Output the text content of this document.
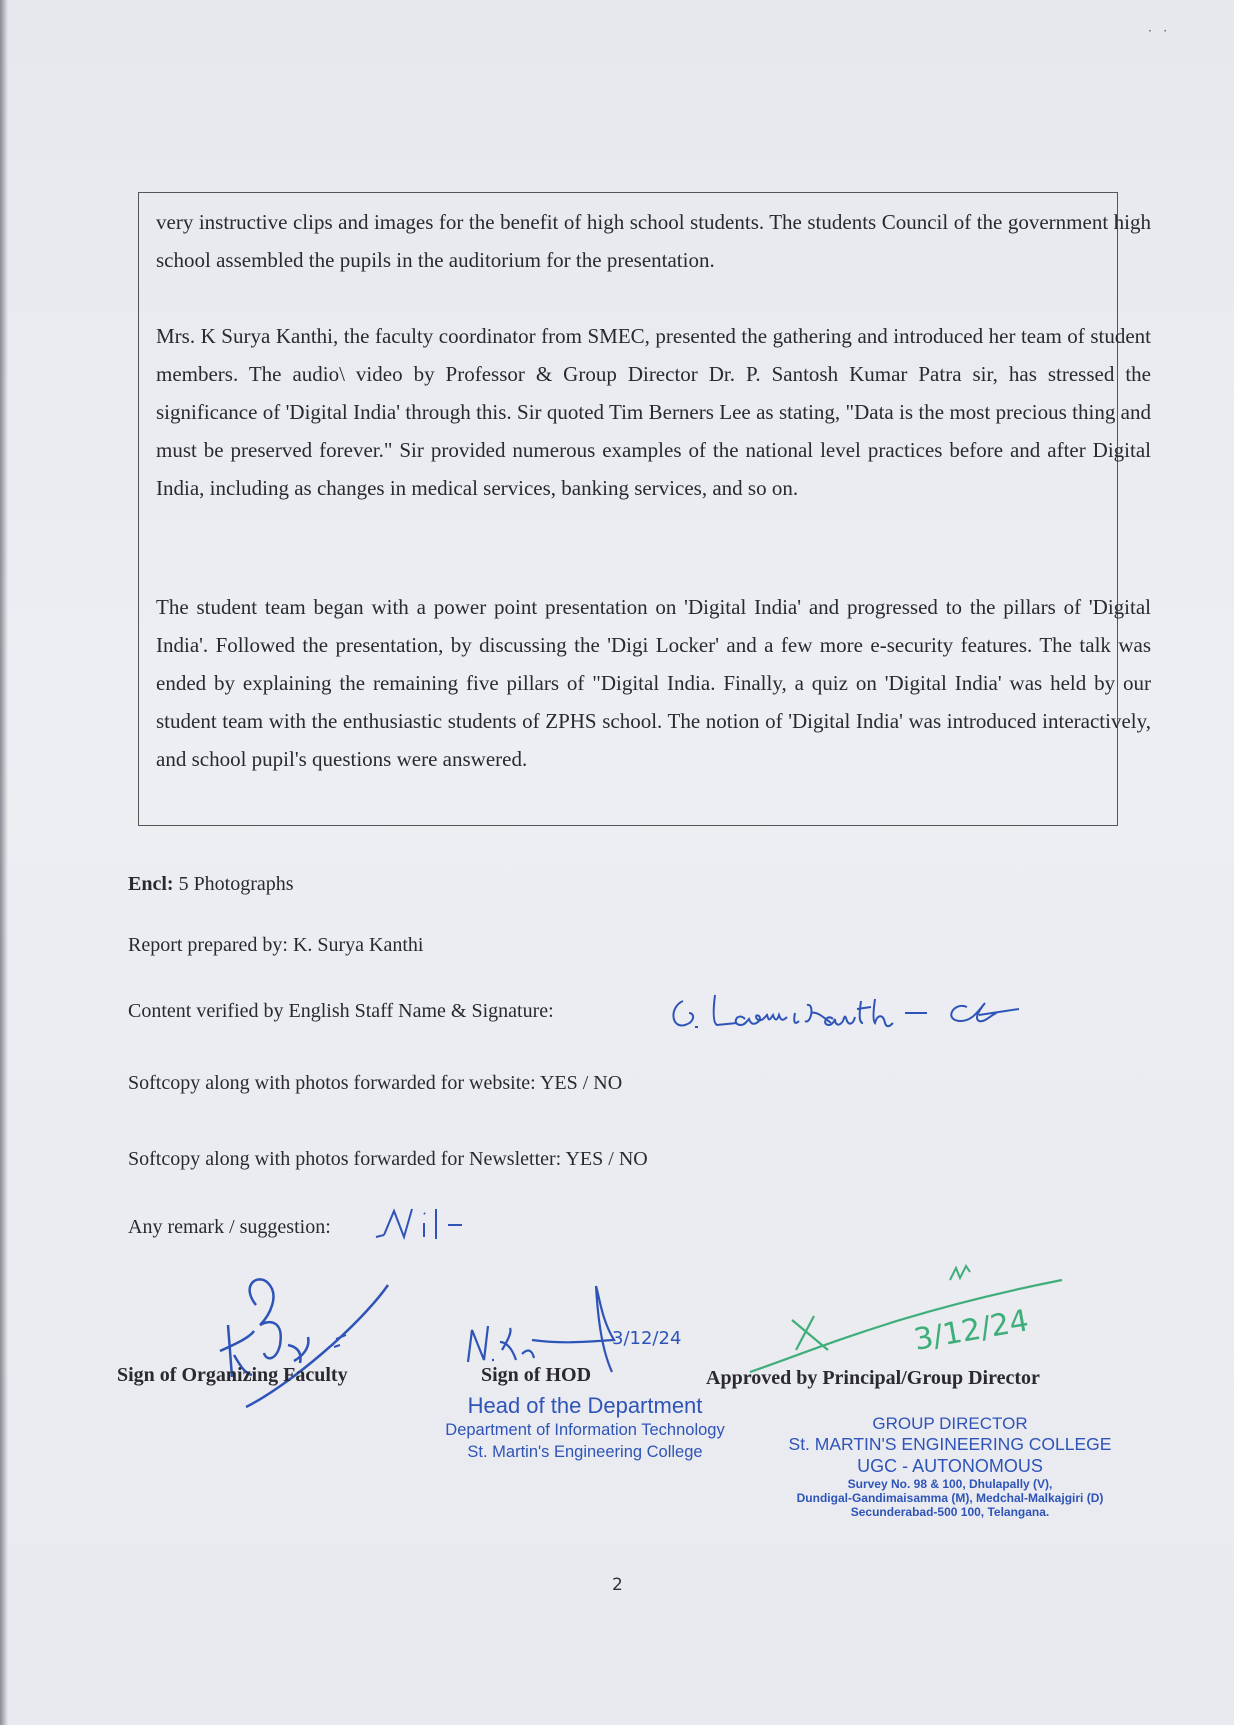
·   ·

very instructive clips and images for the benefit of high school students. The students Council of the government high school assembled the pupils in the auditorium for the presentation.

Mrs. K Surya Kanthi, the faculty coordinator from SMEC, presented the gathering and introduced her team of student members. The audio\ video by Professor & Group Director Dr. P. Santosh Kumar Patra sir, has stressed the significance of 'Digital India' through this. Sir quoted Tim Berners Lee as stating, "Data is the most precious thing and must be preserved forever." Sir provided numerous examples of the national level practices before and after Digital India, including as changes in medical services, banking services, and so on.

The student team began with a power point presentation on 'Digital India' and progressed to the pillars of 'Digital India'. Followed the presentation, by discussing the 'Digi Locker' and a few more e-security features. The talk was ended by explaining the remaining five pillars of "Digital India. Finally, a quiz on 'Digital India' was held by our student team with the enthusiastic students of ZPHS school. The notion of 'Digital India' was introduced interactively, and school pupil's questions were answered.

Encl: 5 Photographs
Report prepared by: K. Surya Kanthi
Content verified by English Staff Name & Signature:
Softcopy along with photos forwarded for website: YES / NO
Softcopy along with photos forwarded for Newsletter: YES / NO
Any remark / suggestion:
3/12/24	3/12/24
Sign of Organizing Faculty	Sign of HOD	Approved by Principal/Group Director
Head of the Department
Department of Information Technology
St. Martin's Engineering College
GROUP DIRECTOR
St. MARTIN'S ENGINEERING COLLEGE
UGC - AUTONOMOUS
Survey No. 98 & 100, Dhulapally (V),
Dundigal-Gandimaisamma (M), Medchal-Malkajgiri (D)
Secunderabad-500 100, Telangana.
2
